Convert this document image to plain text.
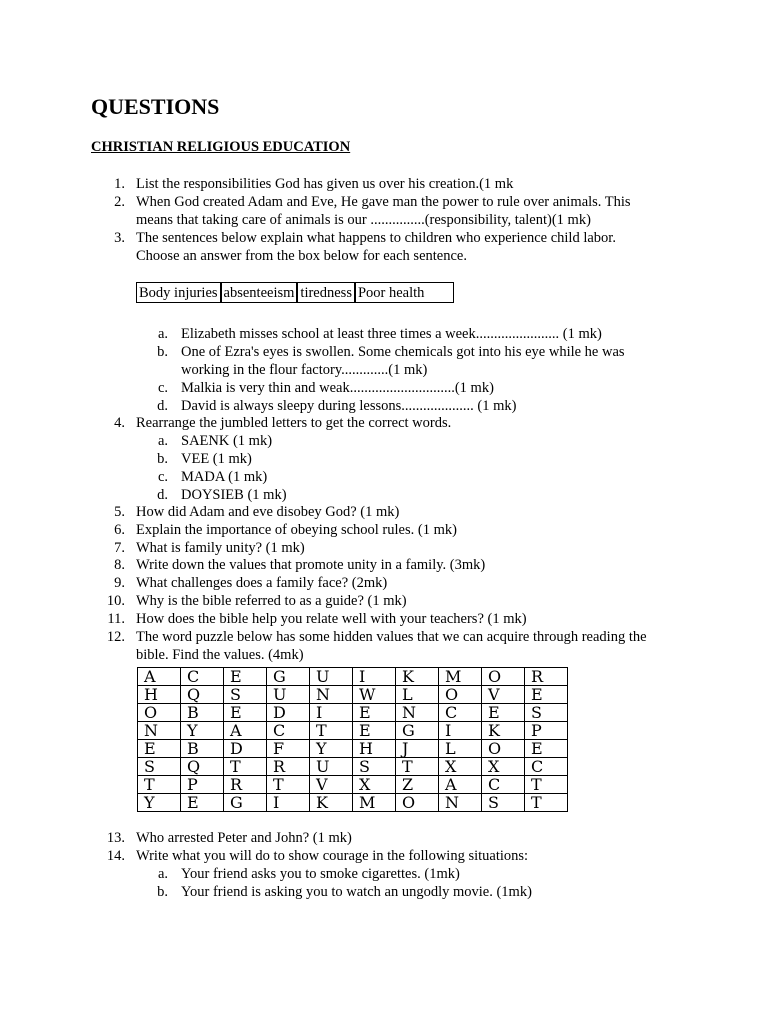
QUESTIONS
CHRISTIAN RELIGIOUS EDUCATION
1. List the responsibilities God has given us over his creation.(1 mk
2. When God created Adam and Eve, He gave man the power to rule over animals. This
means that taking care of animals is our ...............(responsibility, talent)(1 mk)
3. The sentences below explain what happens to children who experience child labor.
Choose an answer from the box below for each sentence.
Body injuries absenteeism tiredness Poor health
a. Elizabeth misses school at least three times a week....................... (1 mk)
b. One of Ezra's eyes is swollen. Some chemicals got into his eye while he was
working in the flour factory.............(1 mk)
c. Malkia is very thin and weak.............................(1 mk)
d. David is always sleepy during lessons.................... (1 mk)
4. Rearrange the jumbled letters to get the correct words.
a. SAENK (1 mk)
b. VEE (1 mk)
c. MADA (1 mk)
d. DOYSIEB (1 mk)
5. How did Adam and eve disobey God? (1 mk)
6. Explain the importance of obeying school rules. (1 mk)
7. What is family unity? (1 mk)
8. Write down the values that promote unity in a family. (3mk)
9. What challenges does a family face? (2mk)
10. Why is the bible referred to as a guide? (1 mk)
11. How does the bible help you relate well with your teachers? (1 mk)
12. The word puzzle below has some hidden values that we can acquire through reading the
bible. Find the values. (4mk)
A	C	E	G	U	I	K	M	O	R
H	Q	S	U	N	W	L	O	V	E
O	B	E	D	I	E	N	C	E	S
N	Y	A	C	T	E	G	I	K	P
E	B	D	F	Y	H	J	L	O	E
S	Q	T	R	U	S	T	X	X	C
T	P	R	T	V	X	Z	A	C	T
Y	E	G	I	K	M	O	N	S	T
13. Who arrested Peter and John? (1 mk)
14. Write what you will do to show courage in the following situations:
a. Your friend asks you to smoke cigarettes. (1mk)
b. Your friend is asking you to watch an ungodly movie. (1mk)
